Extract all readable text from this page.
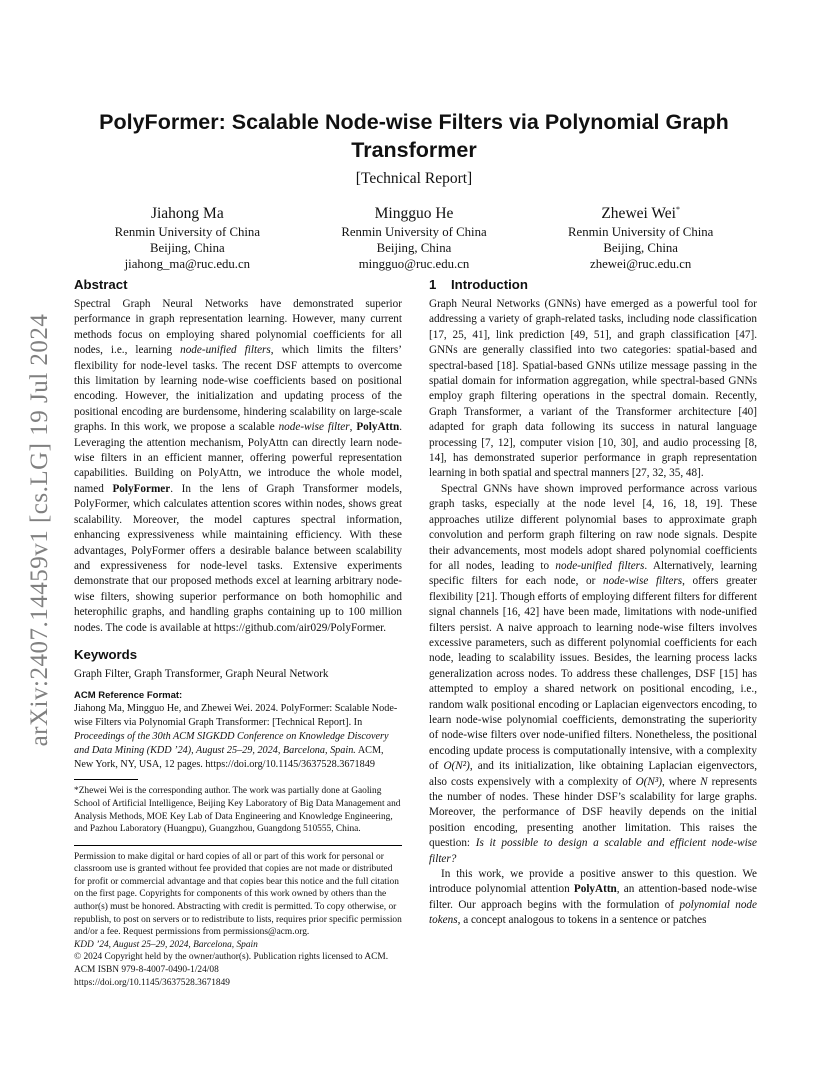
arXiv:2407.14459v1 [cs.LG] 19 Jul 2024
PolyFormer: Scalable Node-wise Filters via Polynomial Graph Transformer
[Technical Report]
Jiahong Ma
Renmin University of China
Beijing, China
jiahong_ma@ruc.edu.cn
Mingguo He
Renmin University of China
Beijing, China
mingguo@ruc.edu.cn
Zhewei Wei*
Renmin University of China
Beijing, China
zhewei@ruc.edu.cn
Abstract

Spectral Graph Neural Networks have demonstrated superior performance in graph representation learning. However, many current methods focus on employing shared polynomial coefficients for all nodes, i.e., learning node-unified filters, which limits the filters’ flexibility for node-level tasks. The recent DSF attempts to overcome this limitation by learning node-wise coefficients based on positional encoding. However, the initialization and updating process of the positional encoding are burdensome, hindering scalability on large-scale graphs. In this work, we propose a scalable node-wise filter, PolyAttn. Leveraging the attention mechanism, PolyAttn can directly learn node-wise filters in an efficient manner, offering powerful representation capabilities. Building on PolyAttn, we introduce the whole model, named PolyFormer. In the lens of Graph Transformer models, PolyFormer, which calculates attention scores within nodes, shows great scalability. Moreover, the model captures spectral information, enhancing expressiveness while maintaining efficiency. With these advantages, PolyFormer offers a desirable balance between scalability and expressiveness for node-level tasks. Extensive experiments demonstrate that our proposed methods excel at learning arbitrary node-wise filters, showing superior performance on both homophilic and heterophilic graphs, and handling graphs containing up to 100 million nodes. The code is available at https://github.com/air029/PolyFormer.

Keywords

Graph Filter, Graph Transformer, Graph Neural Network

ACM Reference Format:

Jiahong Ma, Mingguo He, and Zhewei Wei. 2024. PolyFormer: Scalable Node-wise Filters via Polynomial Graph Transformer: [Technical Report]. In Proceedings of the 30th ACM SIGKDD Conference on Knowledge Discovery and Data Mining (KDD ’24), August 25–29, 2024, Barcelona, Spain. ACM, New York, NY, USA, 12 pages. https://doi.org/10.1145/3637528.3671849

*Zhewei Wei is the corresponding author. The work was partially done at Gaoling School of Artificial Intelligence, Beijing Key Laboratory of Big Data Management and Analysis Methods, MOE Key Lab of Data Engineering and Knowledge Engineering, and Pazhou Laboratory (Huangpu), Guangzhou, Guangdong 510555, China.

Permission to make digital or hard copies of all or part of this work for personal or classroom use is granted without fee provided that copies are not made or distributed for profit or commercial advantage and that copies bear this notice and the full citation on the first page. Copyrights for components of this work owned by others than the author(s) must be honored. Abstracting with credit is permitted. To copy otherwise, or republish, to post on servers or to redistribute to lists, requires prior specific permission and/or a fee. Request permissions from permissions@acm.org.

KDD ’24, August 25–29, 2024, Barcelona, Spain

© 2024 Copyright held by the owner/author(s). Publication rights licensed to ACM.

ACM ISBN 979-8-4007-0490-1/24/08

https://doi.org/10.1145/3637528.3671849

1 Introduction

Graph Neural Networks (GNNs) have emerged as a powerful tool for addressing a variety of graph-related tasks, including node classification [17, 25, 41], link prediction [49, 51], and graph classification [47]. GNNs are generally classified into two categories: spatial-based and spectral-based [18]. Spatial-based GNNs utilize message passing in the spatial domain for information aggregation, while spectral-based GNNs employ graph filtering operations in the spectral domain. Recently, Graph Transformer, a variant of the Transformer architecture [40] adapted for graph data following its success in natural language processing [7, 12], computer vision [10, 30], and audio processing [8, 14], has demonstrated superior performance in graph representation learning in both spatial and spectral manners [27, 32, 35, 48].

Spectral GNNs have shown improved performance across various graph tasks, especially at the node level [4, 16, 18, 19]. These approaches utilize different polynomial bases to approximate graph convolution and perform graph filtering on raw node signals. Despite their advancements, most models adopt shared polynomial coefficients for all nodes, leading to node-unified filters. Alternatively, learning specific filters for each node, or node-wise filters, offers greater flexibility [21]. Though efforts of employing different filters for different signal channels [16, 42] have been made, limitations with node-unified filters persist. A naive approach to learning node-wise filters involves excessive parameters, such as different polynomial coefficients for each node, leading to scalability issues. Besides, the learning process lacks generalization across nodes. To address these challenges, DSF [15] has attempted to employ a shared network on positional encoding, i.e., random walk positional encoding or Laplacian eigenvectors encoding, to learn node-wise polynomial coefficients, demonstrating the superiority of node-wise filters over node-unified filters. Nonetheless, the positional encoding update process is computationally intensive, with a complexity of O(N²), and its initialization, like obtaining Laplacian eigenvectors, also costs expensively with a complexity of O(N³), where N represents the number of nodes. These hinder DSF’s scalability for large graphs. Moreover, the performance of DSF heavily depends on the initial position encoding, presenting another limitation. This raises the question: Is it possible to design a scalable and efficient node-wise filter?

In this work, we provide a positive answer to this question. We introduce polynomial attention PolyAttn, an attention-based node-wise filter. Our approach begins with the formulation of polynomial node tokens, a concept analogous to tokens in a sentence or patches
